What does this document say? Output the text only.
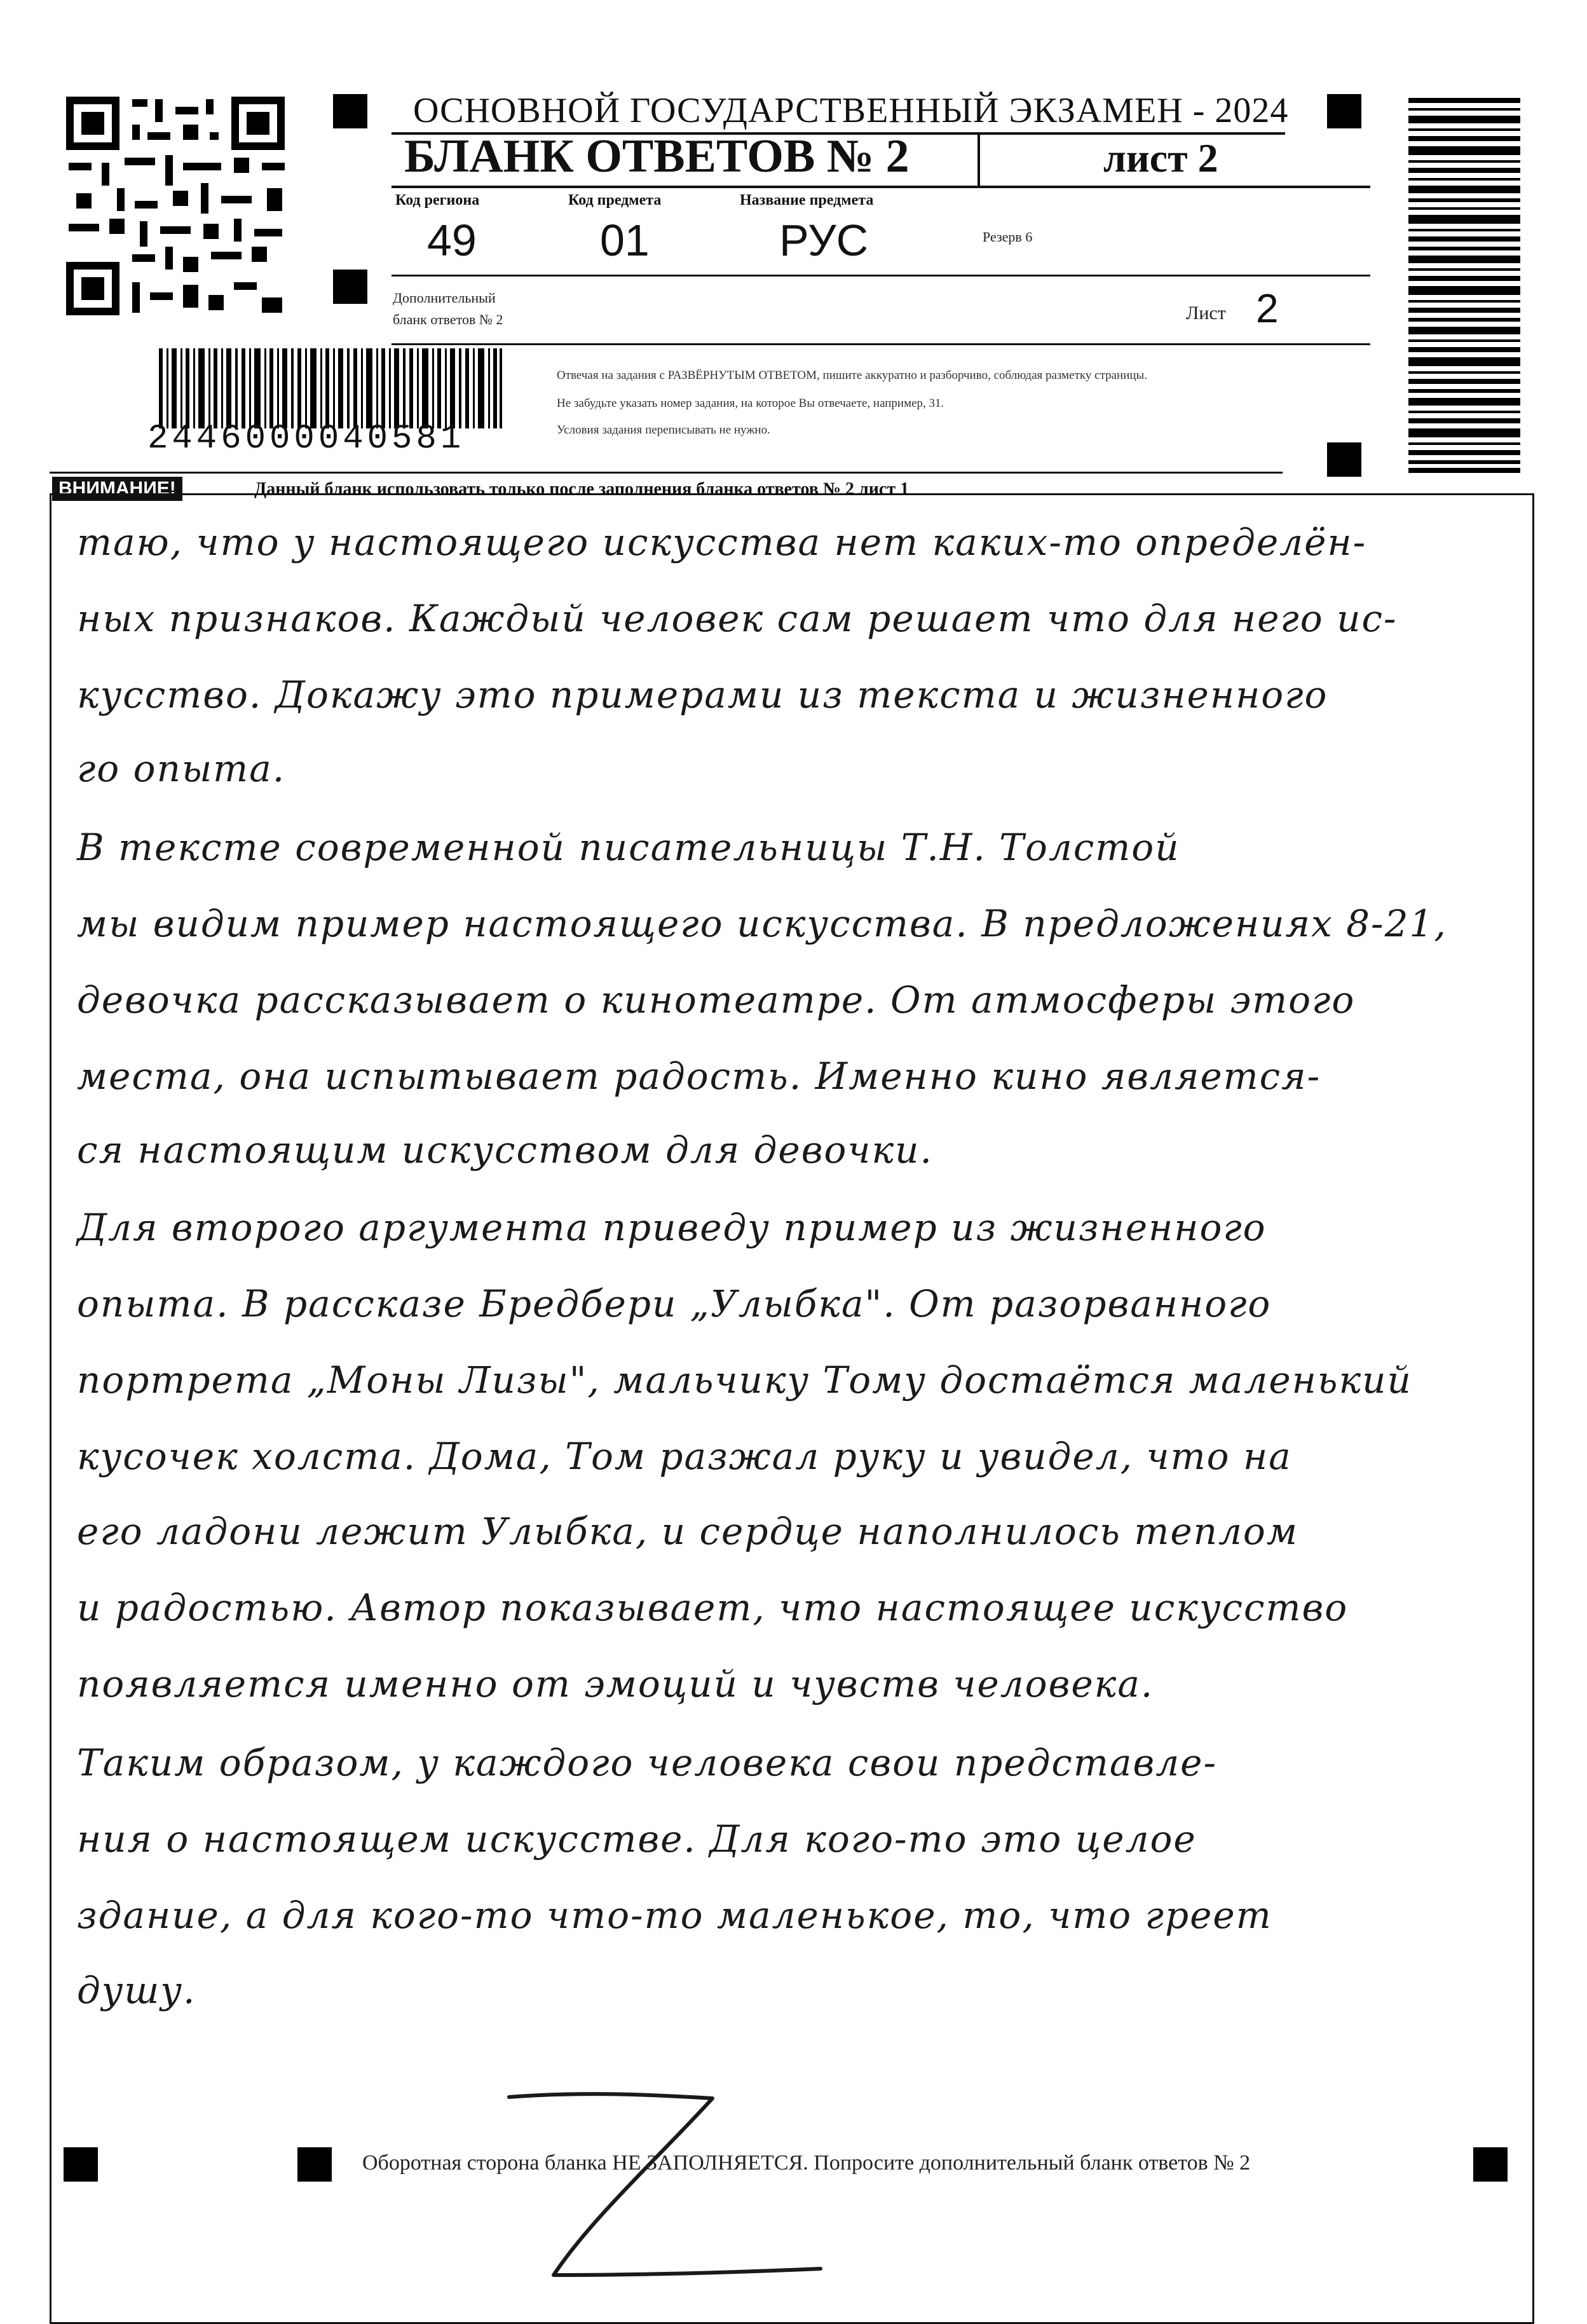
ОСНОВНОЙ ГОСУДАРСТВЕННЫЙ ЭКЗАМЕН - 2024
БЛАНК ОТВЕТОВ № 2	лист 2
Код региона
49
Код предмета
01
Название предмета
РУС	Резерв 6
Дополнительный
бланк ответов № 2	Лист 2
Отвечая на задания с РАЗВЁРНУТЫМ ОТВЕТОМ, пишите аккуратно и разборчиво, соблюдая разметку страницы.
Не забудьте указать номер задания, на которое Вы отвечаете, например, 31.
Условия задания переписывать не нужно.
2446000040581
ВНИМАНИЕ!	Данный бланк использовать только после заполнения бланка ответов № 2 лист 1
таю, что у настоящего искусства нет каких-то определён-
ных признаков. Каждый человек сам решает что для него ис-
кусство. Докажу это примерами из текста и жизненного
го опыта.
В тексте современной писательницы Т.Н. Толстой
мы видим пример настоящего искусства. В предложениях 8-21,
девочка рассказывает о кинотеатре. От атмосферы этого
места, она испытывает радость. Именно кино является-
ся настоящим искусством для девочки.
Для второго аргумента приведу пример из жизненного
опыта. В рассказе Бредбери „Улыбка". От разорванного
портрета „Моны Лизы", мальчику Тому достаётся маленький
кусочек холста. Дома, Том разжал руку и увидел, что на
его ладони лежит Улыбка, и сердце наполнилось теплом
и радостью. Автор показывает, что настоящее искусство
появляется именно от эмоций и чувств человека.
Таким образом, у каждого человека свои представле-
ния о настоящем искусстве. Для кого-то это целое
здание, а для кого-то что-то маленькое, то, что греет
душу.
Оборотная сторона бланка НЕ ЗАПОЛНЯЕТСЯ. Попросите дополнительный бланк ответов № 2
